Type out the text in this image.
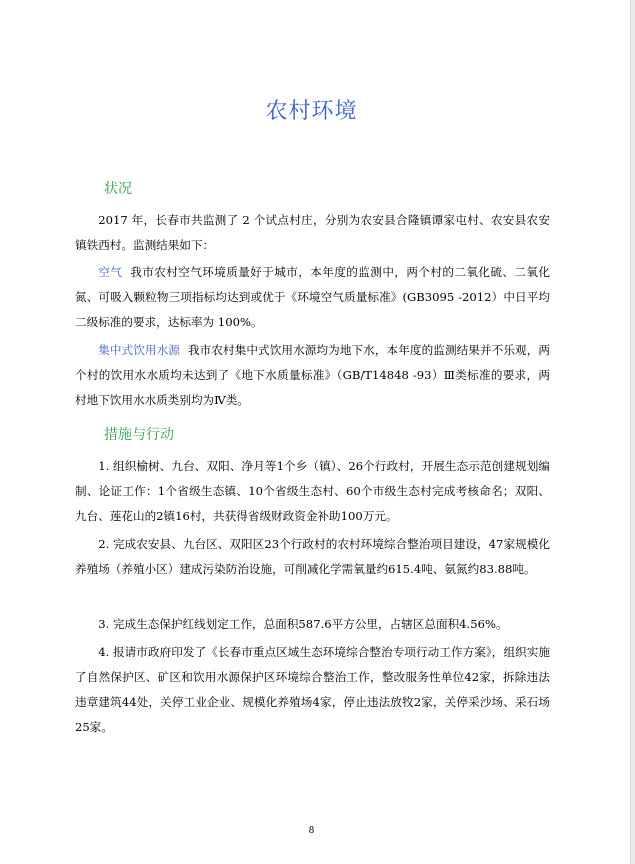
农村环境
状况

2017 年，长春市共监测了 2 个试点村庄，分别为农安县合隆镇谭家屯村、农安县农安镇铁西村。监测结果如下：

空气 我市农村空气环境质量好于城市，本年度的监测中，两个村的二氧化硫、二氧化氮、可吸入颗粒物三项指标均达到或优于《环境空气质量标准》(GB3095 -2012）中日平均二级标准的要求，达标率为 100%。

集中式饮用水源 我市农村集中式饮用水源均为地下水，本年度的监测结果并不乐观，两个村的饮用水水质均未达到了《地下水质量标准》（GB/T14848 -93）Ⅲ类标准的要求，两村地下饮用水水质类别均为Ⅳ类。

措施与行动

1. 组织榆树、九台、双阳、净月等1个乡（镇）、26个行政村，开展生态示范创建规划编制、论证工作：1个省级生态镇、10个省级生态村、60个市级生态村完成考核命名；双阳、九台、莲花山的2镇16村，共获得省级财政资金补助100万元。

2. 完成农安县、九台区、双阳区23个行政村的农村环境综合整治项目建设，47家规模化养殖场（养殖小区）建成污染防治设施，可削减化学需氧量约615.4吨、氨氮约83.88吨。

3. 完成生态保护红线划定工作，总面积587.6平方公里，占辖区总面积4.56%。

4. 报请市政府印发了《长春市重点区域生态环境综合整治专项行动工作方案》，组织实施了自然保护区、矿区和饮用水源保护区环境综合整治工作，整改服务性单位42家，拆除违法违章建筑44处，关停工业企业、规模化养殖场4家，停止违法放牧2家，关停采沙场、采石场25家。

8
